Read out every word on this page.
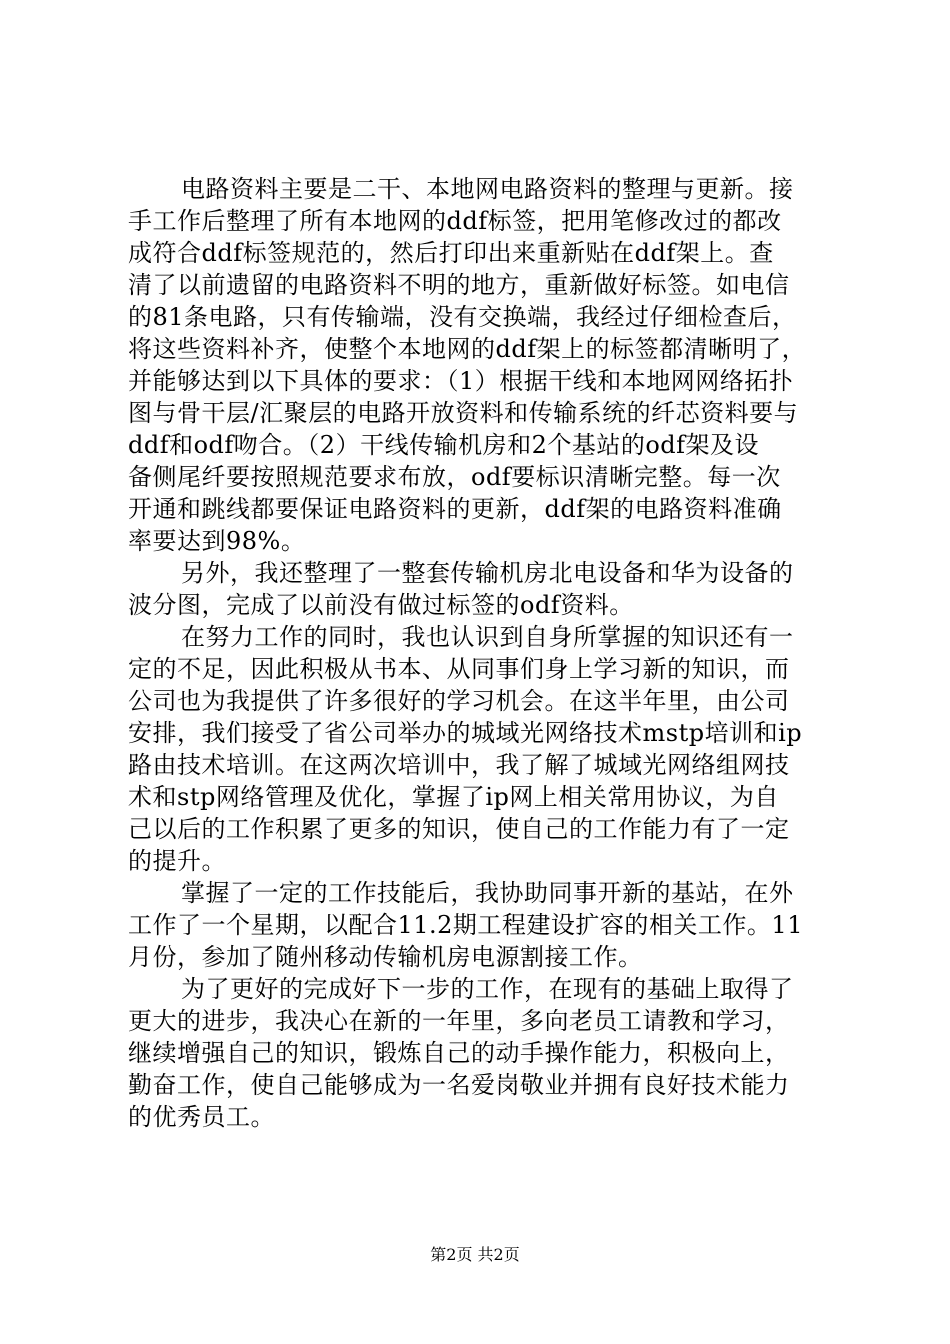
电路资料主要是二干、本地网电路资料的整理与更新。接
手工作后整理了所有本地网的ddf标签，把用笔修改过的都改
成符合ddf标签规范的，然后打印出来重新贴在ddf架上。查
清了以前遗留的电路资料不明的地方，重新做好标签。如电信
的81条电路，只有传输端，没有交换端，我经过仔细检查后，
将这些资料补齐，使整个本地网的ddf架上的标签都清晰明了，
并能够达到以下具体的要求：（1）根据干线和本地网网络拓扑
图与骨干层/汇聚层的电路开放资料和传输系统的纤芯资料要与
ddf和odf吻合。（2）干线传输机房和2个基站的odf架及设
备侧尾纤要按照规范要求布放，odf要标识清晰完整。每一次
开通和跳线都要保证电路资料的更新，ddf架的电路资料准确
率要达到98%。
另外，我还整理了一整套传输机房北电设备和华为设备的
波分图，完成了以前没有做过标签的odf资料。
在努力工作的同时，我也认识到自身所掌握的知识还有一
定的不足，因此积极从书本、从同事们身上学习新的知识，而
公司也为我提供了许多很好的学习机会。在这半年里，由公司
安排，我们接受了省公司举办的城域光网络技术mstp培训和ip
路由技术培训。在这两次培训中，我了解了城域光网络组网技
术和stp网络管理及优化，掌握了ip网上相关常用协议，为自
己以后的工作积累了更多的知识，使自己的工作能力有了一定
的提升。
掌握了一定的工作技能后，我协助同事开新的基站，在外
工作了一个星期，以配合11.2期工程建设扩容的相关工作。11
月份，参加了随州移动传输机房电源割接工作。
为了更好的完成好下一步的工作，在现有的基础上取得了
更大的进步，我决心在新的一年里，多向老员工请教和学习，
继续增强自己的知识，锻炼自己的动手操作能力，积极向上，
勤奋工作，使自己能够成为一名爱岗敬业并拥有良好技术能力
的优秀员工。
第2页 共2页
